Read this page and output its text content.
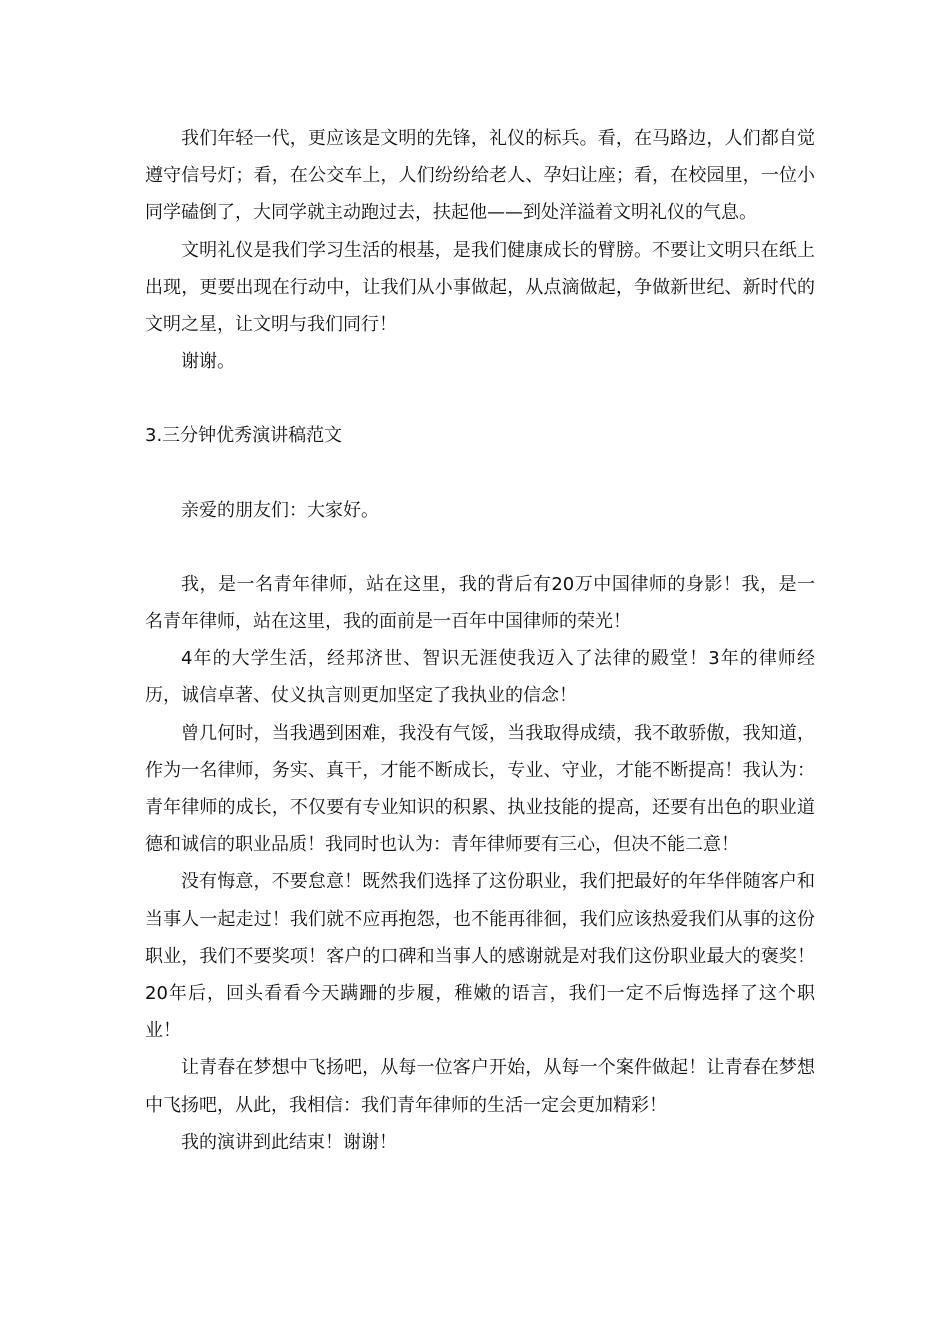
我们年轻一代，更应该是文明的先锋，礼仪的标兵。看，在马路边，人们都自觉遵守信号灯；看，在公交车上，人们纷纷给老人、孕妇让座；看，在校园里，一位小同学磕倒了，大同学就主动跑过去，扶起他——到处洋溢着文明礼仪的气息。

文明礼仪是我们学习生活的根基，是我们健康成长的臂膀。不要让文明只在纸上出现，更要出现在行动中，让我们从小事做起，从点滴做起，争做新世纪、新时代的文明之星，让文明与我们同行！

谢谢。

3.三分钟优秀演讲稿范文

亲爱的朋友们：大家好。

我，是一名青年律师，站在这里，我的背后有20万中国律师的身影！我，是一名青年律师，站在这里，我的面前是一百年中国律师的荣光！

4年的大学生活，经邦济世、智识无涯使我迈入了法律的殿堂！3年的律师经历，诚信卓著、仗义执言则更加坚定了我执业的信念！

曾几何时，当我遇到困难，我没有气馁，当我取得成绩，我不敢骄傲，我知道，作为一名律师，务实、真干，才能不断成长，专业、守业，才能不断提高！我认为：青年律师的成长，不仅要有专业知识的积累、执业技能的提高，还要有出色的职业道德和诚信的职业品质！我同时也认为：青年律师要有三心，但决不能二意！

没有悔意，不要怠意！既然我们选择了这份职业，我们把最好的年华伴随客户和当事人一起走过！我们就不应再抱怨，也不能再徘徊，我们应该热爱我们从事的这份职业，我们不要奖项！客户的口碑和当事人的感谢就是对我们这份职业最大的褒奖！20年后，回头看看今天蹒跚的步履，稚嫩的语言，我们一定不后悔选择了这个职业！

让青春在梦想中飞扬吧，从每一位客户开始，从每一个案件做起！让青春在梦想中飞扬吧，从此，我相信：我们青年律师的生活一定会更加精彩！

我的演讲到此结束！谢谢！
